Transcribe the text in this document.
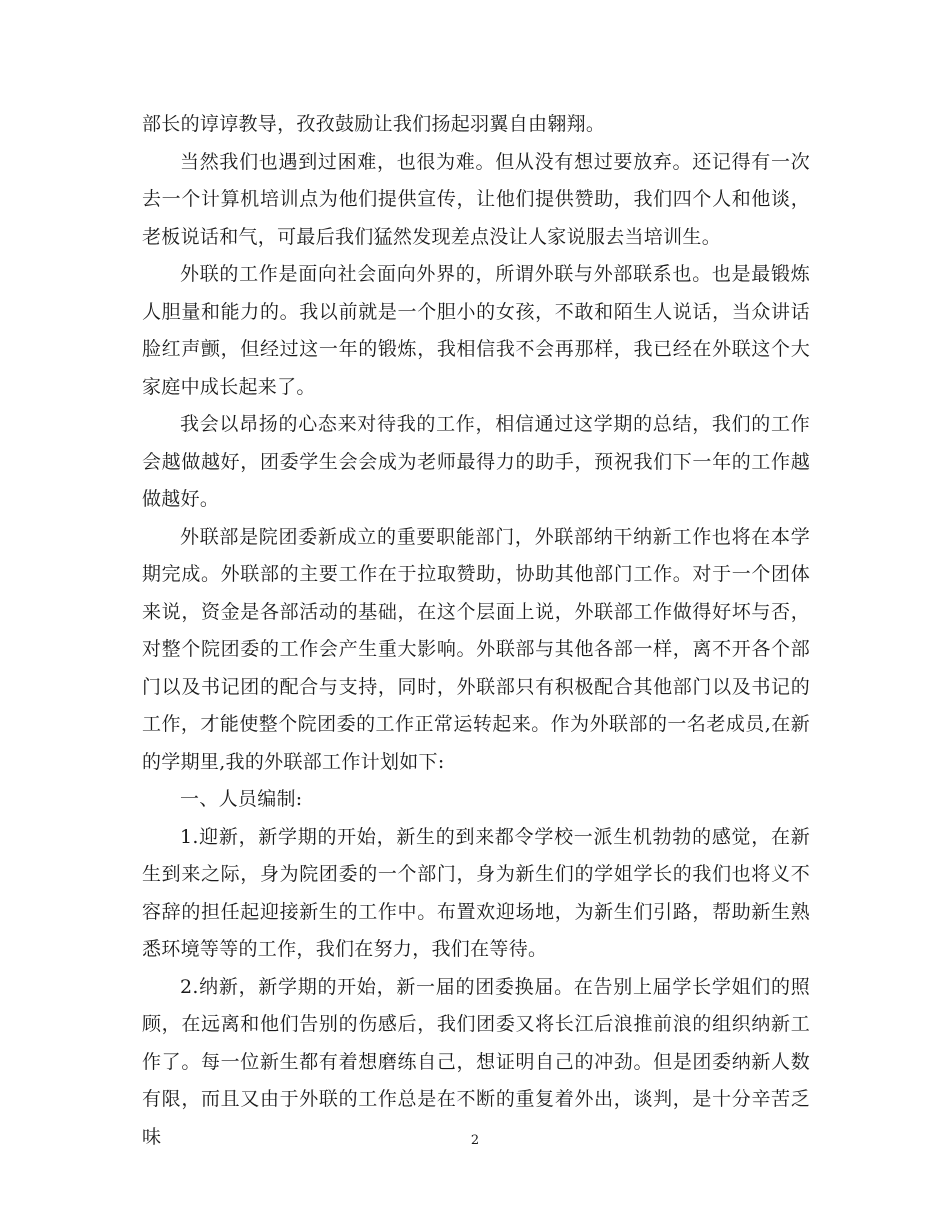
部长的谆谆教导，孜孜鼓励让我们扬起羽翼自由翱翔。

当然我们也遇到过困难，也很为难。但从没有想过要放弃。还记得有一次去一个计算机培训点为他们提供宣传，让他们提供赞助，我们四个人和他谈，老板说话和气，可最后我们猛然发现差点没让人家说服去当培训生。

外联的工作是面向社会面向外界的，所谓外联与外部联系也。也是最锻炼人胆量和能力的。我以前就是一个胆小的女孩，不敢和陌生人说话，当众讲话脸红声颤，但经过这一年的锻炼，我相信我不会再那样，我已经在外联这个大家庭中成长起来了。

我会以昂扬的心态来对待我的工作，相信通过这学期的总结，我们的工作会越做越好，团委学生会会成为老师最得力的助手，预祝我们下一年的工作越做越好。

外联部是院团委新成立的重要职能部门，外联部纳干纳新工作也将在本学期完成。外联部的主要工作在于拉取赞助，协助其他部门工作。对于一个团体来说，资金是各部活动的基础，在这个层面上说，外联部工作做得好坏与否，对整个院团委的工作会产生重大影响。外联部与其他各部一样，离不开各个部门以及书记团的配合与支持，同时，外联部只有积极配合其他部门以及书记的工作，才能使整个院团委的工作正常运转起来。作为外联部的一名老成员,在新的学期里,我的外联部工作计划如下:

一、人员编制:

1.迎新，新学期的开始，新生的到来都令学校一派生机勃勃的感觉，在新生到来之际，身为院团委的一个部门，身为新生们的学姐学长的我们也将义不容辞的担任起迎接新生的工作中。布置欢迎场地，为新生们引路，帮助新生熟悉环境等等的工作，我们在努力，我们在等待。

2.纳新，新学期的开始，新一届的团委换届。在告别上届学长学姐们的照顾，在远离和他们告别的伤感后，我们团委又将长江后浪推前浪的组织纳新工作了。每一位新生都有着想磨练自己，想证明自己的冲劲。但是团委纳新人数有限，而且又由于外联的工作总是在不断的重复着外出，谈判，是十分辛苦乏味	2
